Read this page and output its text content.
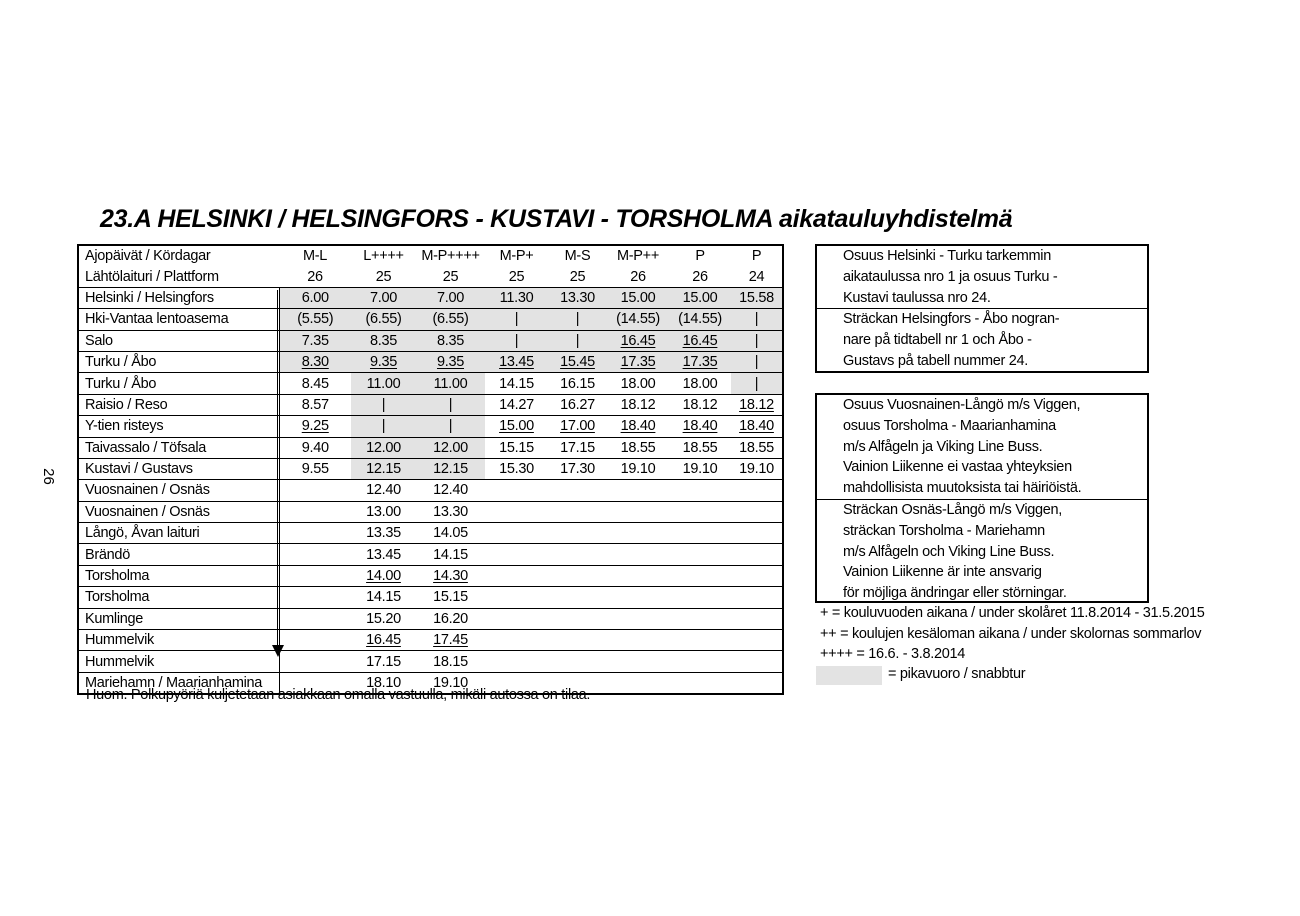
23.A HELSINKI / HELSINGFORS - KUSTAVI - TORSHOLMA aikatauluyhdistelmä
26
Ajopäivät / Kördagar	M-L	L++++	M-P++++	M-P+	M-S	M-P++	P	P
Lähtölaituri / Plattform	26	25	25	25	25	26	26	24
Helsinki / Helsingfors	6.00	7.00	7.00	11.30	13.30	15.00	15.00	15.58
Hki-Vantaa lentoasema	(5.55)	(6.55)	(6.55)	|	|	(14.55)	(14.55)	|
Salo	7.35	8.35	8.35	|	|	16.45	16.45	|
Turku / Åbo	8.30	9.35	9.35	13.45	15.45	17.35	17.35	|
Turku / Åbo	8.45	11.00	11.00	14.15	16.15	18.00	18.00	|
Raisio / Reso	8.57	|	|	14.27	16.27	18.12	18.12	18.12
Y-tien risteys	9.25	|	|	15.00	17.00	18.40	18.40	18.40
Taivassalo / Töfsala	9.40	12.00	12.00	15.15	17.15	18.55	18.55	18.55
Kustavi / Gustavs	9.55	12.15	12.15	15.30	17.30	19.10	19.10	19.10
Vuosnainen / Osnäs		12.40	12.40					
Vuosnainen / Osnäs		13.00	13.30					
Långö, Åvan laituri		13.35	14.05					
Brändö		13.45	14.15					
Torsholma		14.00	14.30					
Torsholma		14.15	15.15					
Kumlinge		15.20	16.20					
Hummelvik		16.45	17.45					
Hummelvik		17.15	18.15					
Mariehamn / Maarianhamina		18.10	19.10					
Huom. Polkupyöriä kuljetetaan asiakkaan omalla vastuulla, mikäli autossa on tilaa.
Osuus Helsinki - Turku tarkemmin
aikataulussa nro 1 ja osuus Turku -
Kustavi taulussa nro 24.
Sträckan Helsingfors - Åbo nogran-
nare på tidtabell nr 1 och Åbo -
Gustavs på tabell nummer 24.
Osuus Vuosnainen-Långö m/s Viggen,
osuus Torsholma - Maarianhamina
m/s Alfågeln ja Viking Line Buss.
Vainion Liikenne ei vastaa yhteyksien
mahdollisista muutoksista tai häiriöistä.
Sträckan Osnäs-Långö m/s Viggen,
sträckan Torsholma - Mariehamn
m/s Alfågeln och Viking Line Buss.
Vainion Liikenne är inte ansvarig
för möjliga ändringar eller störningar.
+ = kouluvuoden aikana / under skolåret 11.8.2014 - 31.5.2015
++ = koulujen kesäloman aikana / under skolornas sommarlov
++++ = 16.6. - 3.8.2014
= pikavuoro / snabbtur
